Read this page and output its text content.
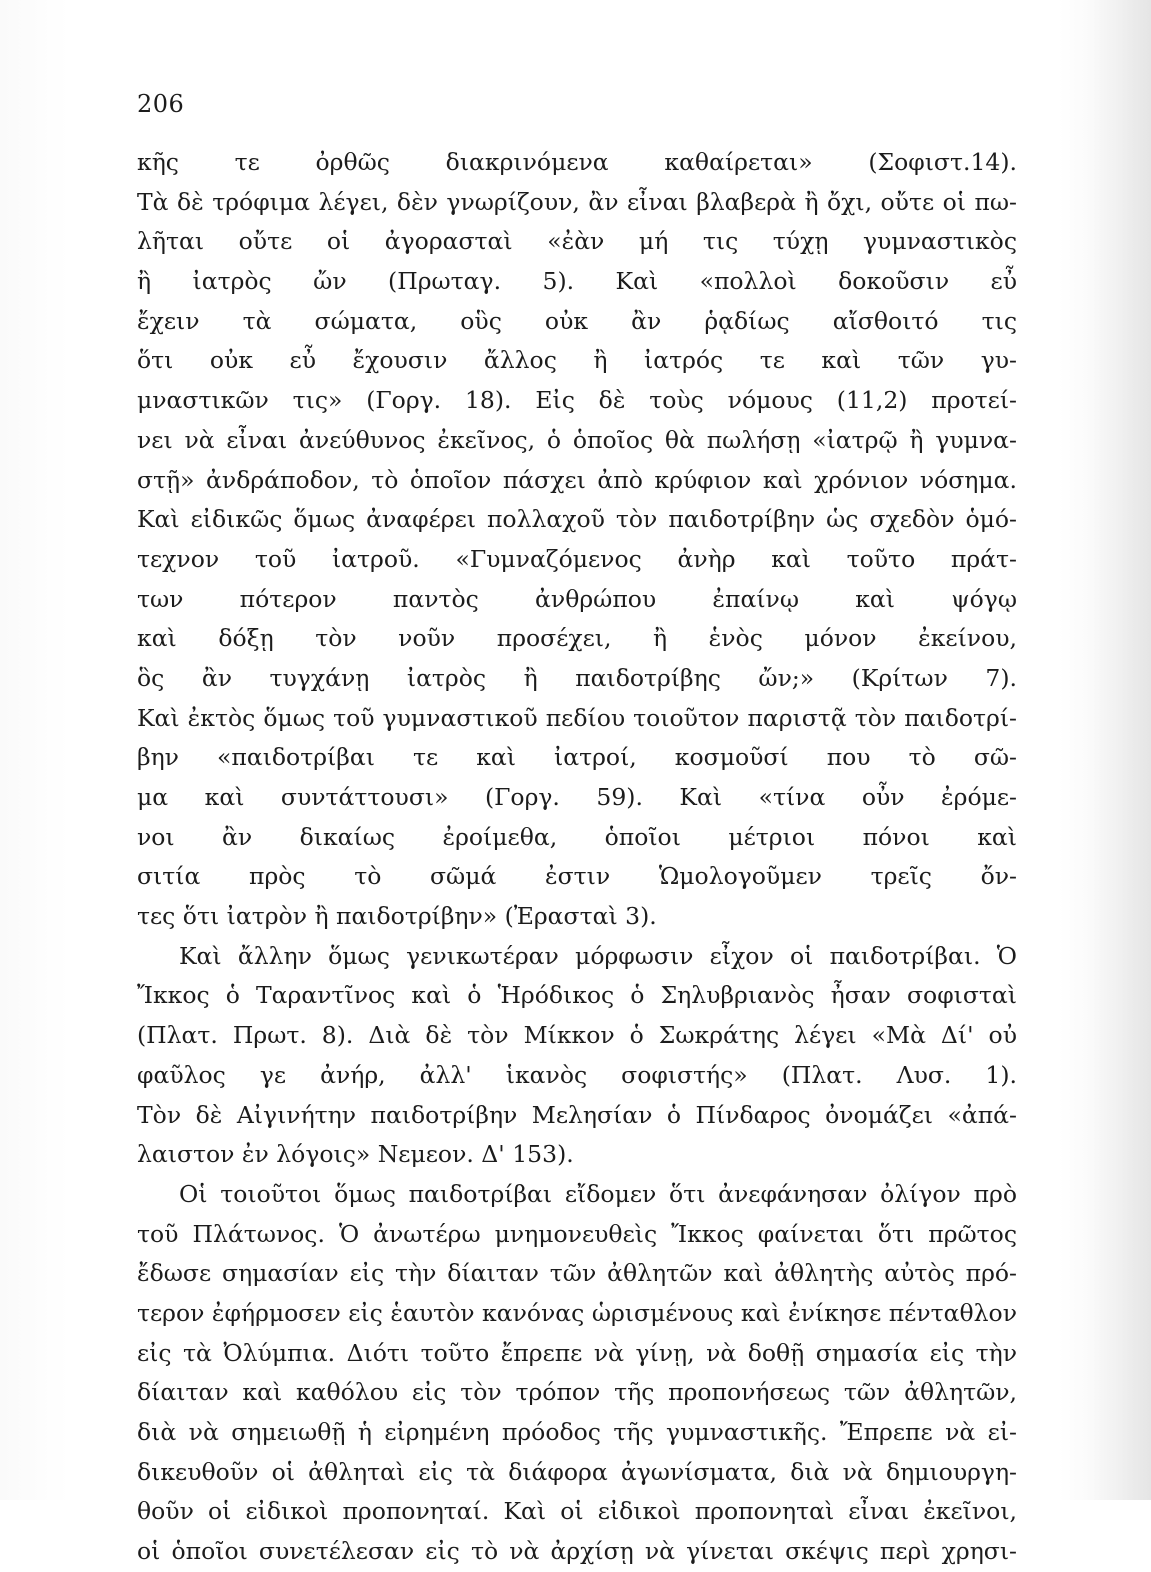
206
κῆς τε ὀρθῶς διακρινόμενα καθαίρεται» (Σοφιστ.14).
Τὰ δὲ τρόφιμα λέγει, δὲν γνωρίζουν, ἂν εἶναι βλαβερὰ ἢ ὄχι, οὔτε οἱ πω-
λῆται οὔτε οἱ ἀγορασταὶ «ἐὰν μή τις τύχῃ γυμναστικὸς
ἢ ἰατρὸς ὤν (Πρωταγ. 5). Καὶ «πολλοὶ δοκοῦσιν εὖ
ἔχειν τὰ σώματα, οὓς οὐκ ἂν ῥᾳδίως αἴσθοιτό τις
ὅτι οὐκ εὖ ἔχουσιν ἄλλος ἢ ἰατρός τε καὶ τῶν γυ-
μναστικῶν τις» (Γοργ. 18). Εἰς δὲ τοὺς νόμους (11,2) προτεί-
νει νὰ εἶναι ἀνεύθυνος ἐκεῖνος, ὁ ὁποῖος θὰ πωλήσῃ «ἰατρῷ ἢ γυμνα-
στῇ» ἀνδράποδον, τὸ ὁποῖον πάσχει ἀπὸ κρύφιον καὶ χρόνιον νόσημα.
Καὶ εἰδικῶς ὅμως ἀναφέρει πολλαχοῦ τὸν παιδοτρίβην ὡς σχεδὸν ὁμό-
τεχνον τοῦ ἰατροῦ. «Γυμναζόμενος ἀνὴρ καὶ τοῦτο πράτ-
των πότερον παντὸς ἀνθρώπου ἐπαίνῳ καὶ ψόγῳ
καὶ δόξῃ τὸν νοῦν προσέχει, ἢ ἑνὸς μόνον ἐκείνου,
ὃς ἂν τυγχάνῃ ἰατρὸς ἢ παιδοτρίβης ὤν;» (Κρίτων 7).
Καὶ ἐκτὸς ὅμως τοῦ γυμναστικοῦ πεδίου τοιοῦτον παριστᾷ τὸν παιδοτρί-
βην «παιδοτρίβαι τε καὶ ἰατροί, κοσμοῦσί που τὸ σῶ-
μα καὶ συντάττουσι» (Γοργ. 59). Καὶ «τίνα οὖν ἐρόμε-
νοι ἂν δικαίως ἐροίμεθα, ὁποῖοι μέτριοι πόνοι καὶ
σιτία πρὸς τὸ σῶμά ἐστιν Ὡμολογοῦμεν τρεῖς ὄν-
τες ὅτι ἰατρὸν ἢ παιδοτρίβην» (Ἐρασταὶ 3).
Καὶ ἄλλην ὅμως γενικωτέραν μόρφωσιν εἶχον οἱ παιδοτρίβαι. Ὁ
Ἴκκος ὁ Ταραντῖνος καὶ ὁ Ἡρόδικος ὁ Σηλυβριανὸς ἦσαν σοφισταὶ
(Πλατ. Πρωτ. 8). Διὰ δὲ τὸν Μίκκον ὁ Σωκράτης λέγει «Μὰ Δί' οὐ
φαῦλος γε ἀνήρ, ἀλλ' ἱκανὸς σοφιστής» (Πλατ. Λυσ. 1).
Τὸν δὲ Αἰγινήτην παιδοτρίβην Μελησίαν ὁ Πίνδαρος ὀνομάζει «ἀπά-
λαιστον ἐν λόγοις» Νεμεον. Δ' 153).
Οἱ τοιοῦτοι ὅμως παιδοτρίβαι εἴδομεν ὅτι ἀνεφάνησαν ὀλίγον πρὸ
τοῦ Πλάτωνος. Ὁ ἀνωτέρω μνημονευθεὶς Ἴκκος φαίνεται ὅτι πρῶτος
ἔδωσε σημασίαν εἰς τὴν δίαιταν τῶν ἀθλητῶν καὶ ἀθλητὴς αὐτὸς πρό-
τερον ἐφήρμοσεν εἰς ἑαυτὸν κανόνας ὡρισμένους καὶ ἐνίκησε πένταθλον
εἰς τὰ Ὀλύμπια. Διότι τοῦτο ἔπρεπε νὰ γίνῃ, νὰ δοθῇ σημασία εἰς τὴν
δίαιταν καὶ καθόλου εἰς τὸν τρόπον τῆς προπονήσεως τῶν ἀθλητῶν,
διὰ νὰ σημειωθῇ ἡ εἰρημένη πρόοδος τῆς γυμναστικῆς. Ἔπρεπε νὰ εἰ-
δικευθοῦν οἱ ἀθληταὶ εἰς τὰ διάφορα ἀγωνίσματα, διὰ νὰ δημιουργη-
θοῦν οἱ εἰδικοὶ προπονηταί. Καὶ οἱ εἰδικοὶ προπονηταὶ εἶναι ἐκεῖνοι,
οἱ ὁποῖοι συνετέλεσαν εἰς τὸ νὰ ἀρχίσῃ νὰ γίνεται σκέψις περὶ χρησι-
